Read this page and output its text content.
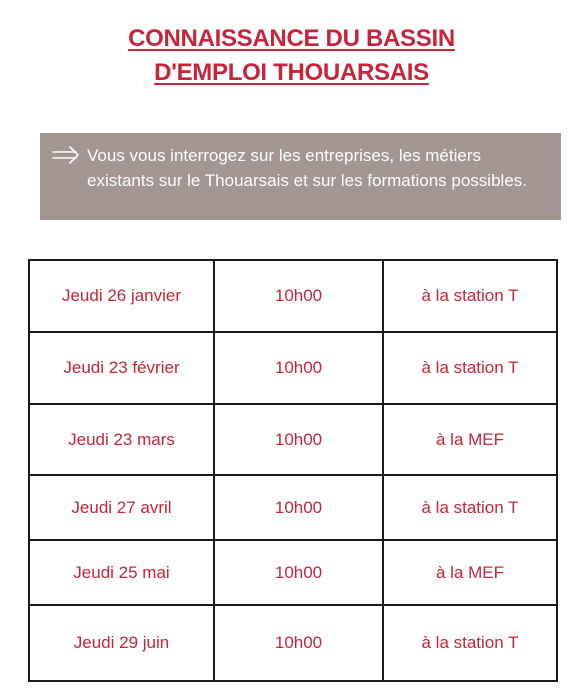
CONNAISSANCE DU BASSIN
D'EMPLOI THOUARSAIS
Vous vous interrogez sur les entreprises, les métiers existants sur le Thouarsais et sur les formations possibles.
Jeudi 26 janvier	10h00	à la station T
Jeudi 23 février	10h00	à la station T
Jeudi 23 mars	10h00	à la MEF
Jeudi 27 avril	10h00	à la station T
Jeudi 25 mai	10h00	à la MEF
Jeudi 29 juin	10h00	à la station T
